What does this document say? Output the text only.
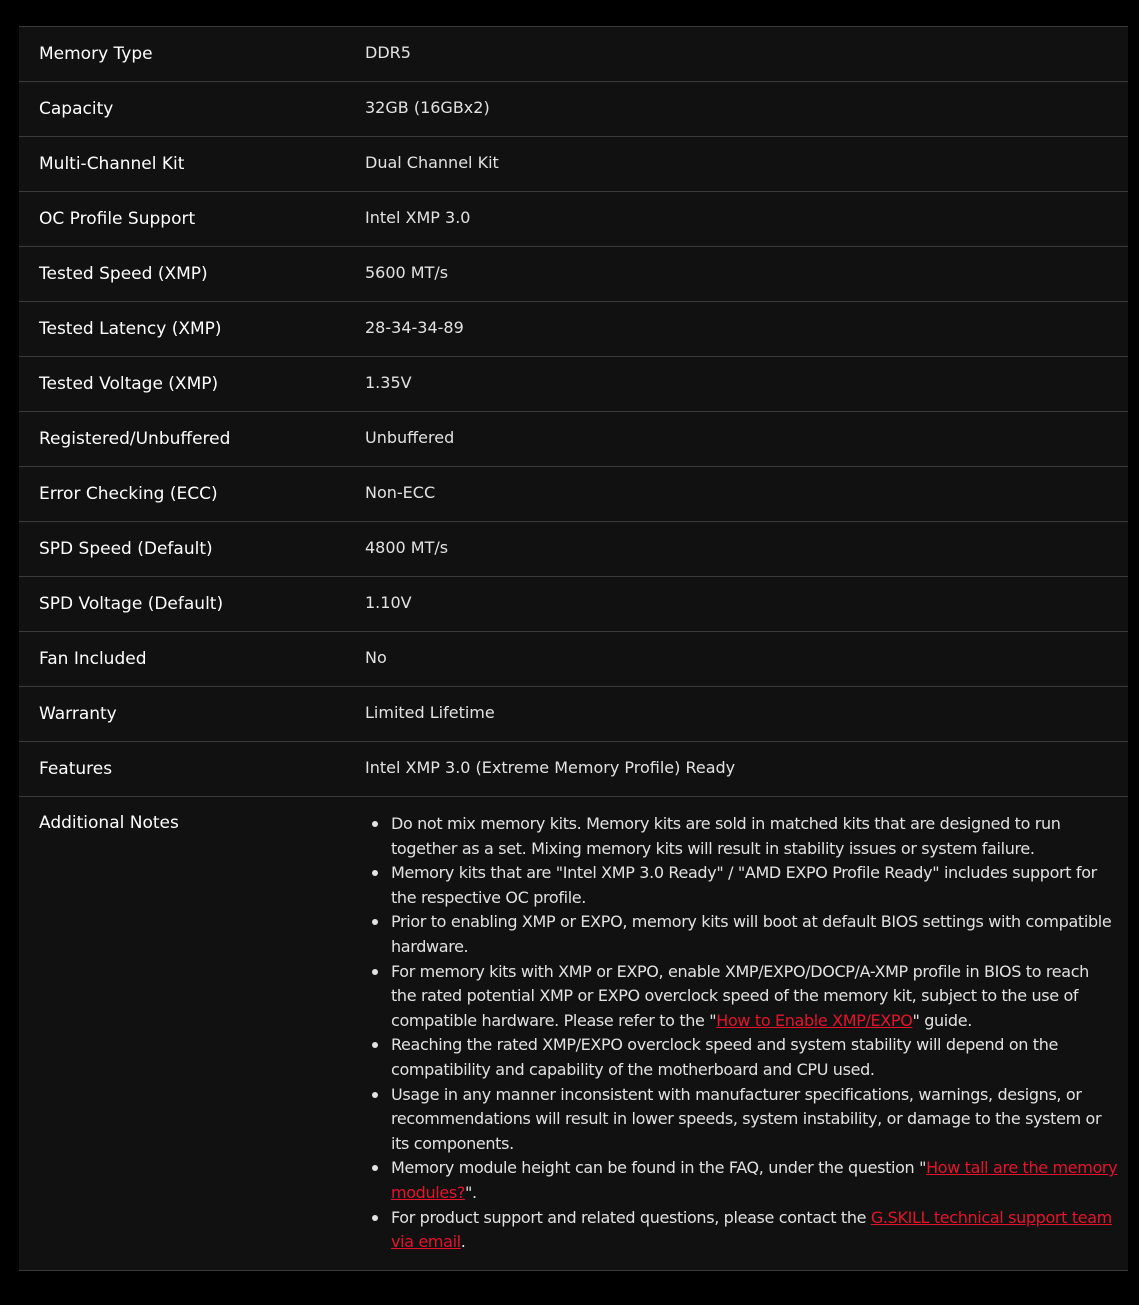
Memory Type	DDR5
Capacity	32GB (16GBx2)
Multi-Channel Kit	Dual Channel Kit
OC Profile Support	Intel XMP 3.0
Tested Speed (XMP)	5600 MT/s
Tested Latency (XMP)	28-34-34-89
Tested Voltage (XMP)	1.35V
Registered/Unbuffered	Unbuffered
Error Checking (ECC)	Non-ECC
SPD Speed (Default)	4800 MT/s
SPD Voltage (Default)	1.10V
Fan Included	No
Warranty	Limited Lifetime
Features	Intel XMP 3.0 (Extreme Memory Profile) Ready
Additional Notes	Do not mix memory kits. Memory kits are sold in matched kits that are designed to run together as a set. Mixing memory kits will result in stability issues or system failure.
Memory kits that are "Intel XMP 3.0 Ready" / "AMD EXPO Profile Ready" includes support for the respective OC profile.
Prior to enabling XMP or EXPO, memory kits will boot at default BIOS settings with compatible hardware.
For memory kits with XMP or EXPO, enable XMP/EXPO/DOCP/A-XMP profile in BIOS to reach the rated potential XMP or EXPO overclock speed of the memory kit, subject to the use of compatible hardware. Please refer to the "How to Enable XMP/EXPO" guide.
Reaching the rated XMP/EXPO overclock speed and system stability will depend on the compatibility and capability of the motherboard and CPU used.
Usage in any manner inconsistent with manufacturer specifications, warnings, designs, or recommendations will result in lower speeds, system instability, or damage to the system or its components.
Memory module height can be found in the FAQ, under the question "How tall are the memory modules?".
For product support and related questions, please contact the G.SKILL technical support team via email.
